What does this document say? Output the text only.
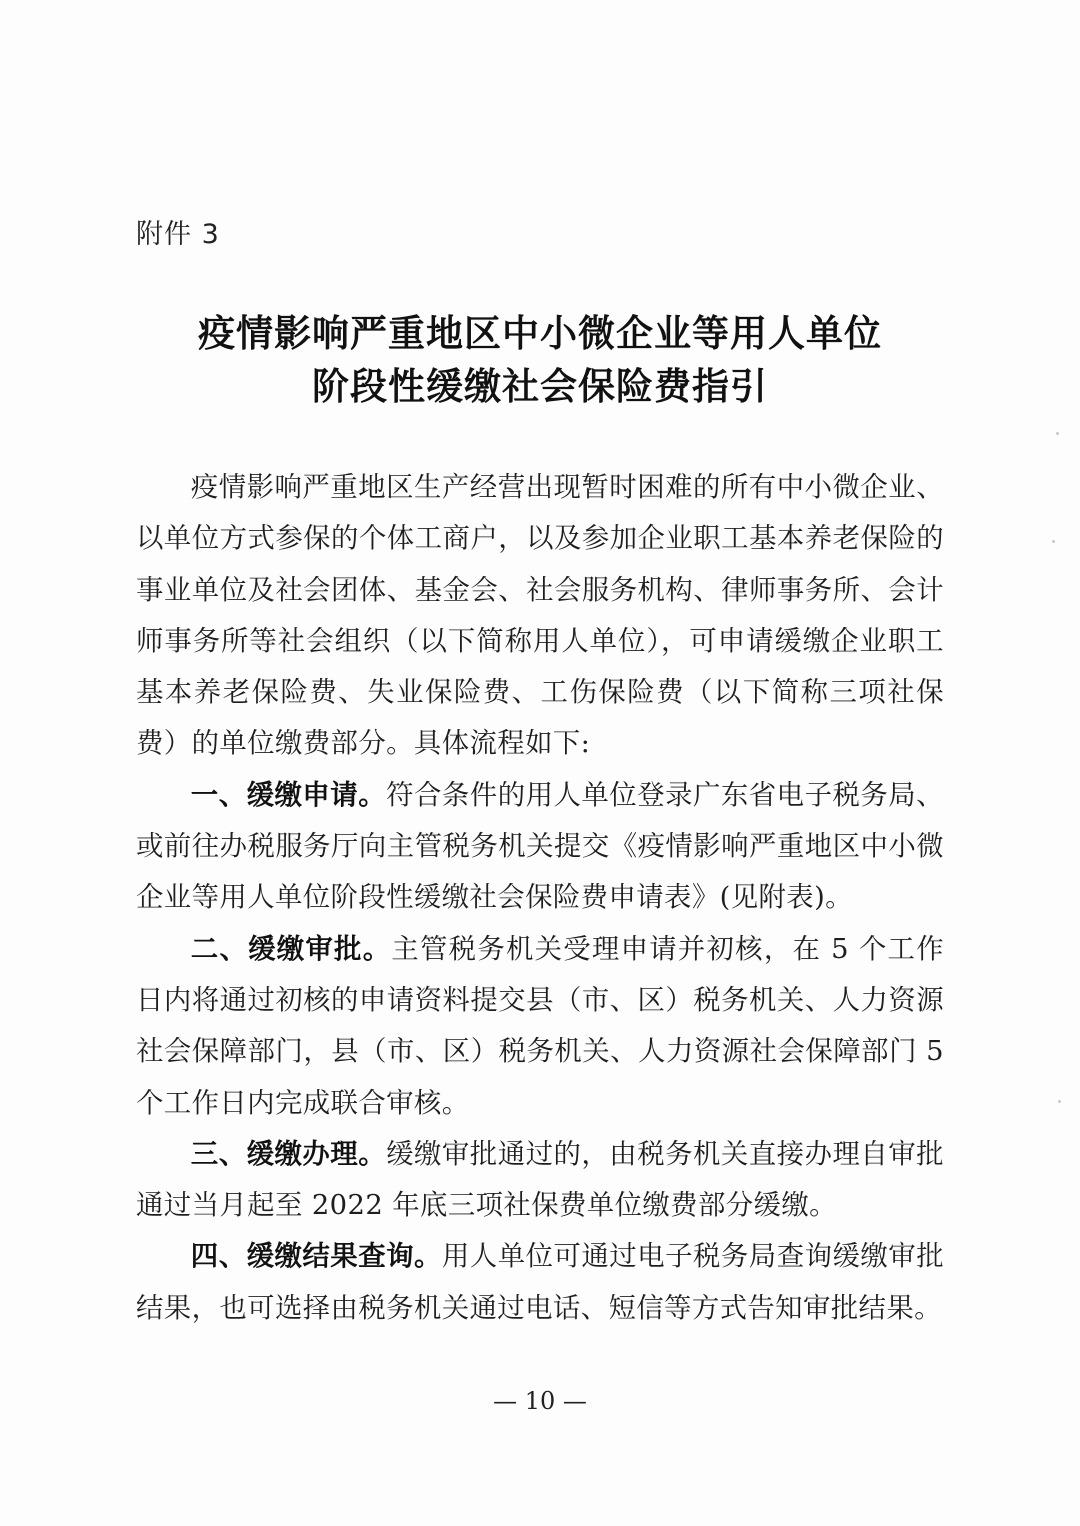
附件 3
疫情影响严重地区中小微企业等用人单位
阶段性缓缴社会保险费指引

疫情影响严重地区生产经营出现暂时困难的所有中小微企业、以单位方式参保的个体工商户，以及参加企业职工基本养老保险的事业单位及社会团体、基金会、社会服务机构、律师事务所、会计师事务所等社会组织（以下简称用人单位），可申请缓缴企业职工基本养老保险费、失业保险费、工伤保险费（以下简称三项社保费）的单位缴费部分。具体流程如下:

一、缓缴申请。符合条件的用人单位登录广东省电子税务局、或前往办税服务厅向主管税务机关提交《疫情影响严重地区中小微企业等用人单位阶段性缓缴社会保险费申请表》(见附表)。

二、缓缴审批。主管税务机关受理申请并初核，在 5 个工作日内将通过初核的申请资料提交县（市、区）税务机关、人力资源社会保障部门，县（市、区）税务机关、人力资源社会保障部门 5 个工作日内完成联合审核。

三、缓缴办理。缓缴审批通过的，由税务机关直接办理自审批通过当月起至 2022 年底三项社保费单位缴费部分缓缴。

四、缓缴结果查询。用人单位可通过电子税务局查询缓缴审批结果，也可选择由税务机关通过电话、短信等方式告知审批结果。

— 10 —
